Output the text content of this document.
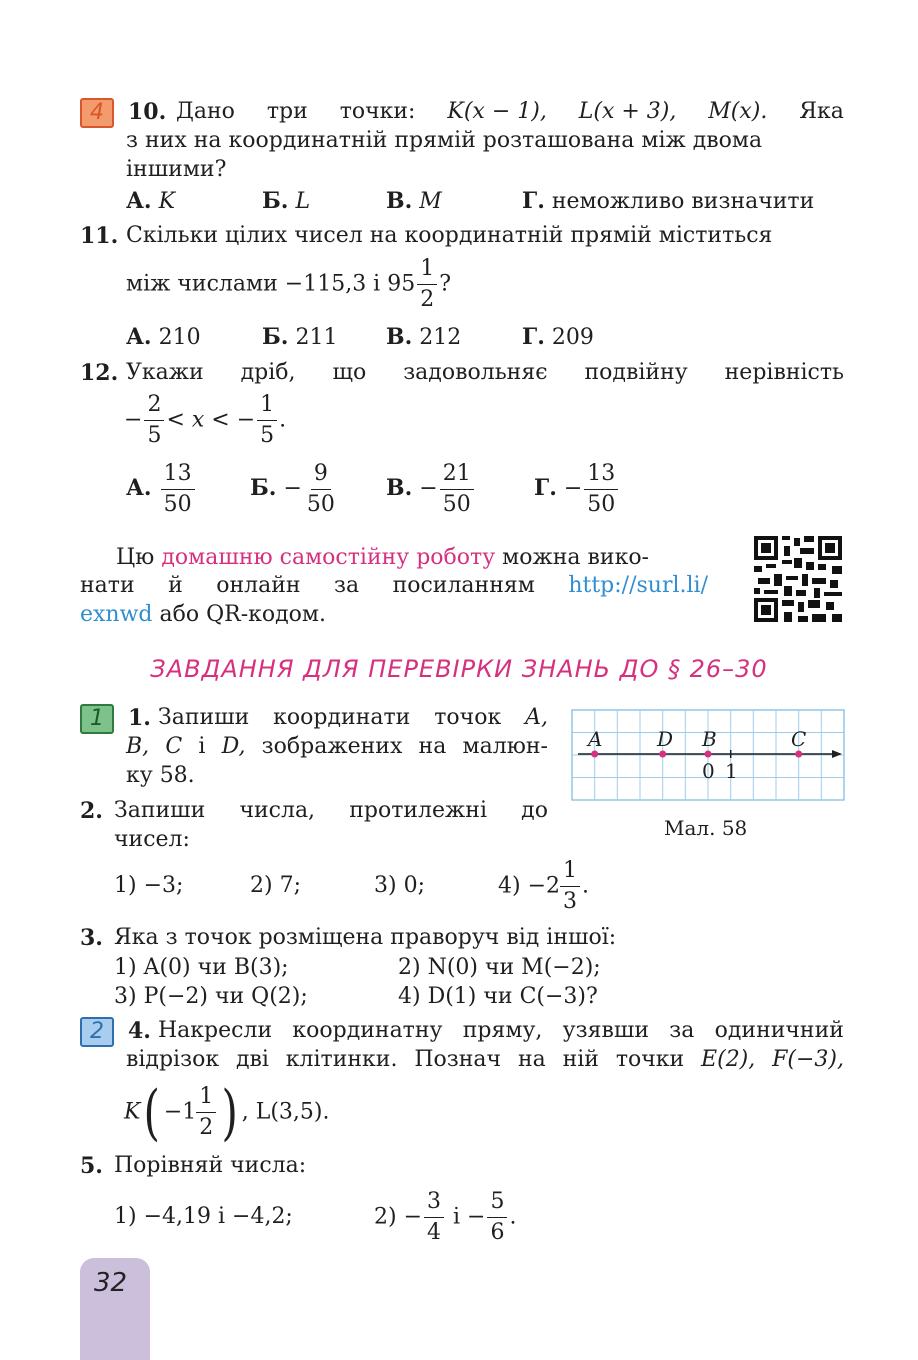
4	10. Дано три точки: K(x − 1), L(x + 3), M(x). Яка
з них на координатній прямій розташована між двома
іншими?
А. K	Б. L	В. M	Г. неможливо визначити
11. Скільки цілих чисел на координатній прямій міститься
між числами −115,3 і $95 \frac{1}{2}$ ?
А. 210	Б. 211 В. 212	Г. 209
12. Укажи дріб, що задовольняє подвійну нерівність
− $\frac{2}{5} < x$ < − $\frac{1}{5}$ .
А. $\frac{13}{50}$	Б. − $\frac{9}{50} В$. − $\frac{21}{50}$	Г. − $\frac{13}{50}$
Цю домашню самостійну роботу можна вико-
нати й онлайн за посиланням http://surl.li/
exnwd або QR-кодом.
ЗАВДАННЯ ДЛЯ ПЕРЕВІРКИ ЗНАНЬ ДО § 26–30
1	1. Запиши координати точок A,
B, C і D, зображених на малюн-
ку 58.
A	D B	C
0 1
Мал. 58
2. Запиши числа, протилежні до
чисел:
1) −3;	2) 7;	3) 0;	$4) -2 \frac{1}{3}$ .
3. Яка з точок розміщена праворуч від іншої:
1) A(0) чи B(3);	2) N(0) чи M(−2);
3) P(−2) чи Q(2);	4) D(1) чи C(−3)?
2	4. Накресли координатну пряму, узявши за одиничний
відрізок дві клітинки. Познач на ній точки E(2), F(−3),
$K( -1 \frac{1}{2}$ ) , L(3,5).
5. Порівняй числа:
1) −4,19 і −4,2;	$2) - \frac{3}{4}$ $і - \frac{5}{6}$ .
32
